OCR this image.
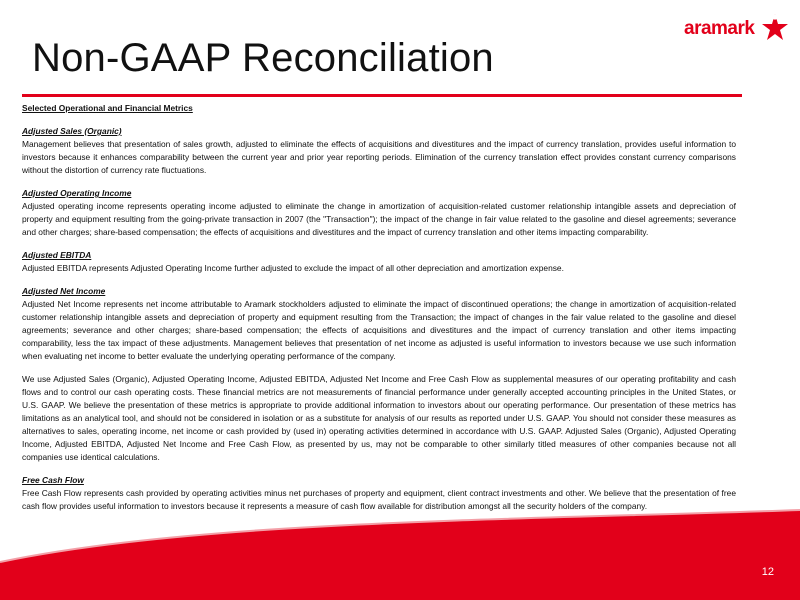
aramark
Non-GAAP Reconciliation

Selected Operational and Financial Metrics

Adjusted Sales (Organic)

Management believes that presentation of sales growth, adjusted to eliminate the effects of acquisitions and divestitures and the impact of currency translation, provides useful information to investors because it enhances comparability between the current year and prior year reporting periods. Elimination of the currency translation effect provides constant currency comparisons without the distortion of currency rate fluctuations.

Adjusted Operating Income

Adjusted operating income represents operating income adjusted to eliminate the change in amortization of acquisition-related customer relationship intangible assets and depreciation of property and equipment resulting from the going-private transaction in 2007 (the "Transaction"); the impact of the change in fair value related to the gasoline and diesel agreements; severance and other charges; share-based compensation; the effects of acquisitions and divestitures and the impact of currency translation and other items impacting comparability.

Adjusted EBITDA

Adjusted EBITDA represents Adjusted Operating Income further adjusted to exclude the impact of all other depreciation and amortization expense.

Adjusted Net Income

Adjusted Net Income represents net income attributable to Aramark stockholders adjusted to eliminate the impact of discontinued operations; the change in amortization of acquisition-related customer relationship intangible assets and depreciation of property and equipment resulting from the Transaction; the impact of changes in the fair value related to the gasoline and diesel agreements; severance and other charges; share-based compensation; the effects of acquisitions and divestitures and the impact of currency translation and other items impacting comparability, less the tax impact of these adjustments. Management believes that presentation of net income as adjusted is useful information to investors because we use such information when evaluating net income to better evaluate the underlying operating performance of the company.

We use Adjusted Sales (Organic), Adjusted Operating Income, Adjusted EBITDA, Adjusted Net Income and Free Cash Flow as supplemental measures of our operating profitability and cash flows and to control our cash operating costs. These financial metrics are not measurements of financial performance under generally accepted accounting principles in the United States, or U.S. GAAP. We believe the presentation of these metrics is appropriate to provide additional information to investors about our operating performance. Our presentation of these metrics has limitations as an analytical tool, and should not be considered in isolation or as a substitute for analysis of our results as reported under U.S. GAAP. You should not consider these measures as alternatives to sales, operating income, net income or cash provided by (used in) operating activities determined in accordance with U.S. GAAP. Adjusted Sales (Organic), Adjusted Operating Income, Adjusted EBITDA, Adjusted Net Income and Free Cash Flow, as presented by us, may not be comparable to other similarly titled measures of other companies because not all companies use identical calculations.

Free Cash Flow

Free Cash Flow represents cash provided by operating activities minus net purchases of property and equipment, client contract investments and other. We believe that the presentation of free cash flow provides useful information to investors because it represents a measure of cash flow available for distribution amongst all the security holders of the company.

12
